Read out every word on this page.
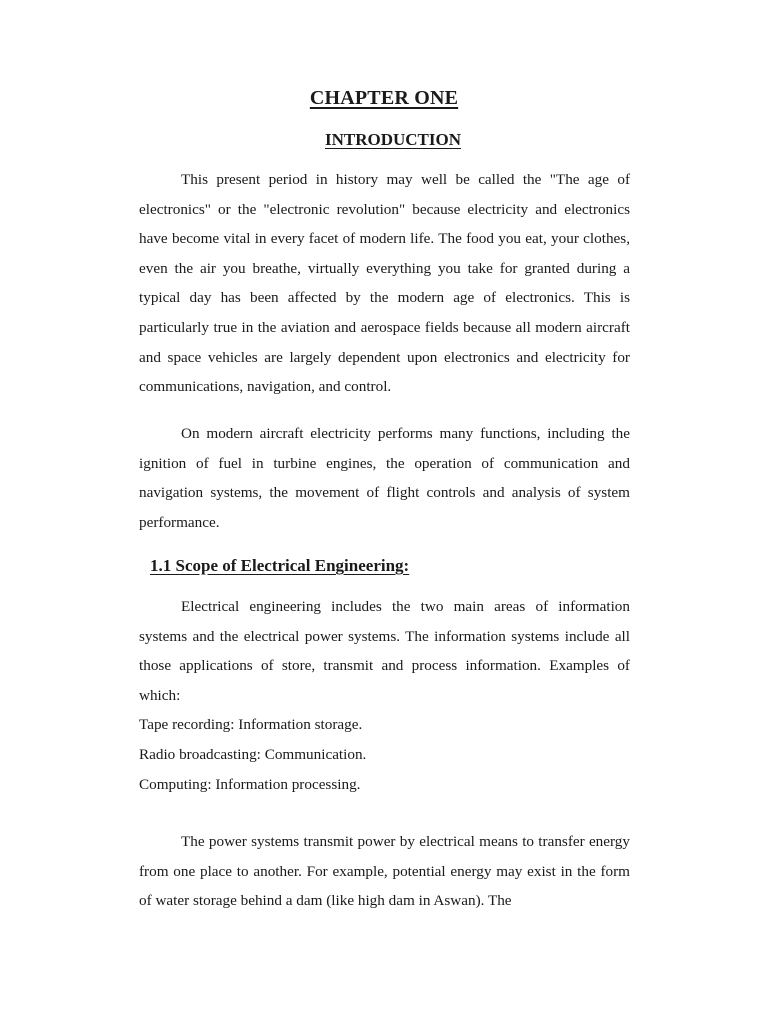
CHAPTER ONE
INTRODUCTION

This present period in history may well be called the "The age of electronics" or the "electronic revolution" because electricity and electronics have become vital in every facet of modern life. The food you eat, your clothes, even the air you breathe, virtually everything you take for granted during a typical day has been affected by the modern age of electronics. This is particularly true in the aviation and aerospace fields because all modern aircraft and space vehicles are largely dependent upon electronics and electricity for communications, navigation, and control.

On modern aircraft electricity performs many functions, including the ignition of fuel in turbine engines, the operation of communication and navigation systems, the movement of flight controls and analysis of system performance.

1.1 Scope of Electrical Engineering:
Electrical engineering includes the two main areas of information systems and the electrical power systems. The information systems include all those applications of store, transmit and process information. Examples of which:
Tape recording: Information storage.
Radio broadcasting: Communication.
Computing: Information processing.

The power systems transmit power by electrical means to transfer energy from one place to another. For example, potential energy may exist in the form of water storage behind a dam (like high dam in Aswan). The
